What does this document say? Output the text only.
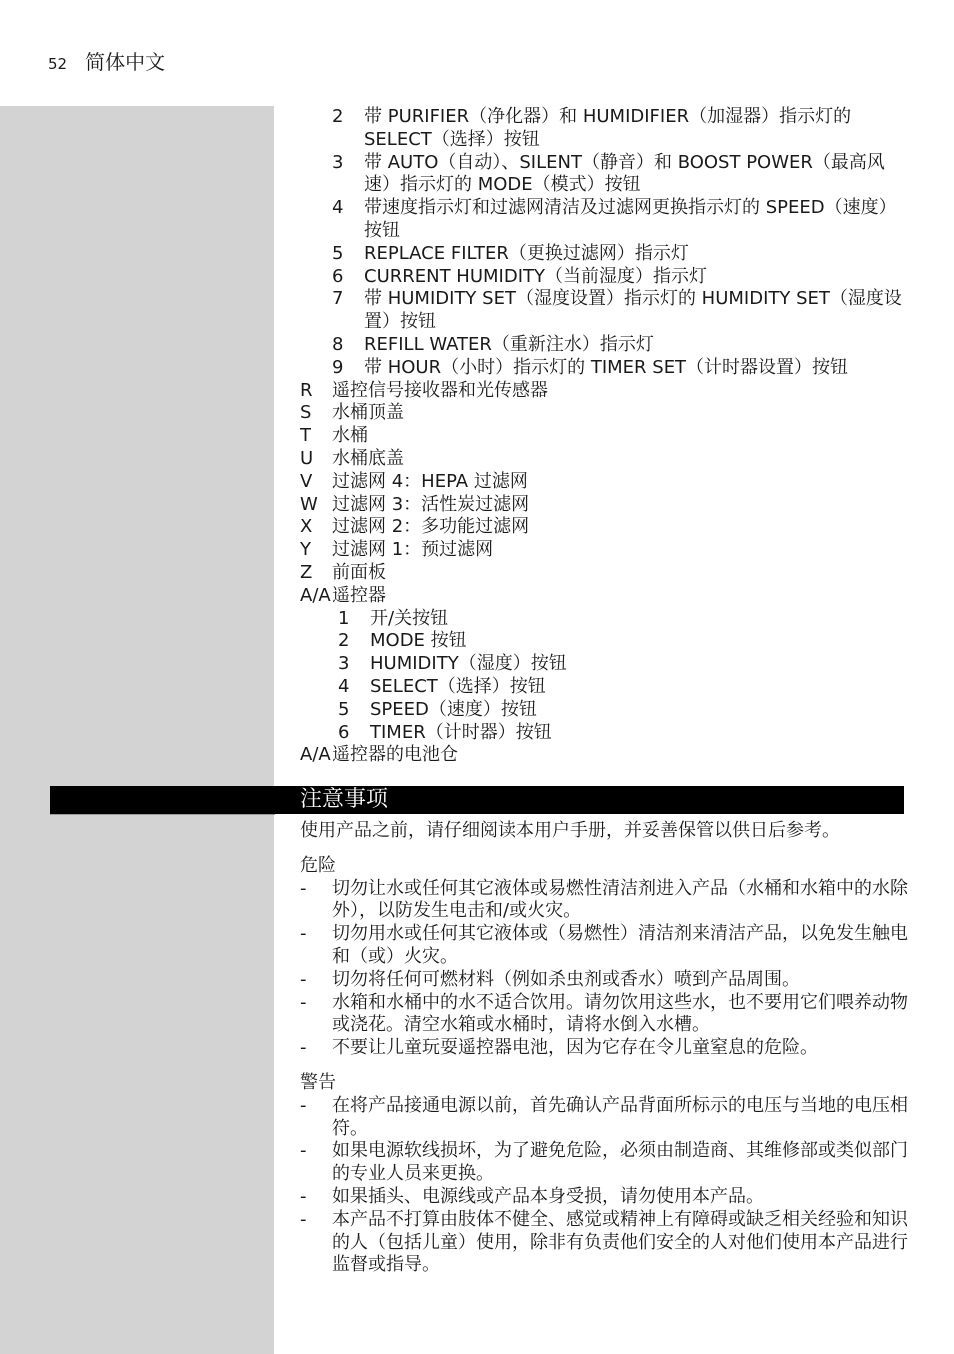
52 简体中文
2	带 PURIFIER（净化器）和 HUMIDIFIER（加湿器）指示灯的 SELECT（选择）按钮
3	带 AUTO（自动）、SILENT（静音）和 BOOST POWER（最高风速）指示灯的 MODE（模式）按钮
4	带速度指示灯和过滤网清洁及过滤网更换指示灯的 SPEED（速度）按钮
5	REPLACE FILTER（更换过滤网）指示灯
6	CURRENT HUMIDITY（当前湿度）指示灯
7	带 HUMIDITY SET（湿度设置）指示灯的 HUMIDITY SET（湿度设置）按钮
8	REFILL WATER（重新注水）指示灯
9	带 HOUR（小时）指示灯的 TIMER SET（计时器设置）按钮
R	遥控信号接收器和光传感器
S	水桶顶盖
T	水桶
U	水桶底盖
V	过滤网 4：HEPA 过滤网
W 过滤网 3：活性炭过滤网
X	过滤网 2：多功能过滤网
Y	过滤网 1：预过滤网
Z	前面板
A/A 遥控器
1	开/关按钮
2	MODE 按钮
3	HUMIDITY（湿度）按钮
4	SELECT（选择）按钮
5	SPEED（速度）按钮
6	TIMER（计时器）按钮
A/A 遥控器的电池仓
注意事项

使用产品之前，请仔细阅读本用户手册，并妥善保管以供日后参考。

危险
-	切勿让水或任何其它液体或易燃性清洁剂进入产品（水桶和水箱中的水除外），以防发生电击和/或火灾。
-	切勿用水或任何其它液体或（易燃性）清洁剂来清洁产品，以免发生触电和（或）火灾。
-	切勿将任何可燃材料（例如杀虫剂或香水）喷到产品周围。
-	水箱和水桶中的水不适合饮用。请勿饮用这些水，也不要用它们喂养动物或浇花。清空水箱或水桶时，请将水倒入水槽。
-	不要让儿童玩耍遥控器电池，因为它存在令儿童窒息的危险。
警告
-	在将产品接通电源以前，首先确认产品背面所标示的电压与当地的电压相符。
-	如果电源软线损坏，为了避免危险，必须由制造商、其维修部或类似部门的专业人员来更换。
-	如果插头、电源线或产品本身受损，请勿使用本产品。
-	本产品不打算由肢体不健全、感觉或精神上有障碍或缺乏相关经验和知识的人（包括儿童）使用，除非有负责他们安全的人对他们使用本产品进行监督或指导。
